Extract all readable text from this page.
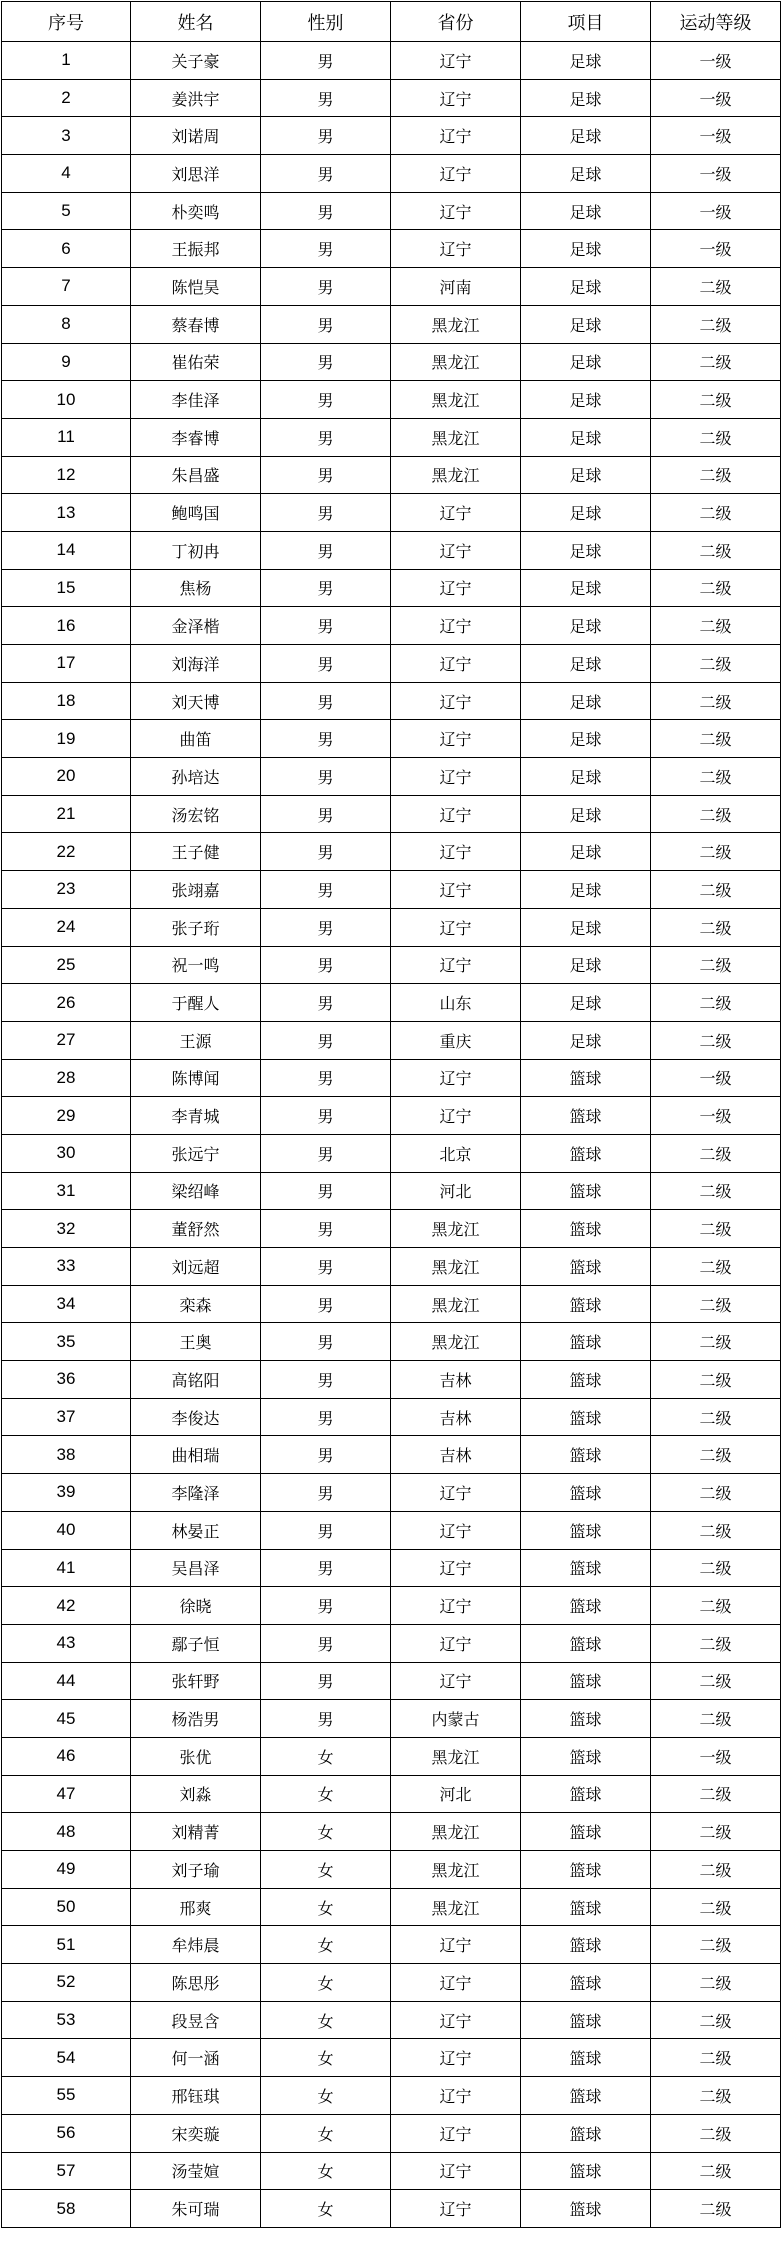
序号	姓名	性别	省份	项目	运动等级
1	关子豪	男	辽宁	足球	一级
2	姜洪宇	男	辽宁	足球	一级
3	刘诺周	男	辽宁	足球	一级
4	刘思洋	男	辽宁	足球	一级
5	朴奕鸣	男	辽宁	足球	一级
6	王振邦	男	辽宁	足球	一级
7	陈恺昊	男	河南	足球	二级
8	蔡春博	男	黑龙江	足球	二级
9	崔佑荣	男	黑龙江	足球	二级
10	李佳泽	男	黑龙江	足球	二级
11	李睿博	男	黑龙江	足球	二级
12	朱昌盛	男	黑龙江	足球	二级
13	鲍鸣国	男	辽宁	足球	二级
14	丁初冉	男	辽宁	足球	二级
15	焦杨	男	辽宁	足球	二级
16	金泽楷	男	辽宁	足球	二级
17	刘海洋	男	辽宁	足球	二级
18	刘天博	男	辽宁	足球	二级
19	曲笛	男	辽宁	足球	二级
20	孙培达	男	辽宁	足球	二级
21	汤宏铭	男	辽宁	足球	二级
22	王子健	男	辽宁	足球	二级
23	张翊嘉	男	辽宁	足球	二级
24	张子珩	男	辽宁	足球	二级
25	祝一鸣	男	辽宁	足球	二级
26	于醒人	男	山东	足球	二级
27	王源	男	重庆	足球	二级
28	陈博闻	男	辽宁	篮球	一级
29	李青城	男	辽宁	篮球	一级
30	张远宁	男	北京	篮球	二级
31	梁绍峰	男	河北	篮球	二级
32	董舒然	男	黑龙江	篮球	二级
33	刘远超	男	黑龙江	篮球	二级
34	栾森	男	黑龙江	篮球	二级
35	王奥	男	黑龙江	篮球	二级
36	高铭阳	男	吉林	篮球	二级
37	李俊达	男	吉林	篮球	二级
38	曲相瑞	男	吉林	篮球	二级
39	李隆泽	男	辽宁	篮球	二级
40	林晏正	男	辽宁	篮球	二级
41	吴昌泽	男	辽宁	篮球	二级
42	徐晓	男	辽宁	篮球	二级
43	鄢子恒	男	辽宁	篮球	二级
44	张轩野	男	辽宁	篮球	二级
45	杨浩男	男	内蒙古	篮球	二级
46	张优	女	黑龙江	篮球	一级
47	刘淼	女	河北	篮球	二级
48	刘精菁	女	黑龙江	篮球	二级
49	刘子瑜	女	黑龙江	篮球	二级
50	邢爽	女	黑龙江	篮球	二级
51	牟炜晨	女	辽宁	篮球	二级
52	陈思彤	女	辽宁	篮球	二级
53	段昱含	女	辽宁	篮球	二级
54	何一涵	女	辽宁	篮球	二级
55	邢钰琪	女	辽宁	篮球	二级
56	宋奕璇	女	辽宁	篮球	二级
57	汤莹媗	女	辽宁	篮球	二级
58	朱可瑞	女	辽宁	篮球	二级
